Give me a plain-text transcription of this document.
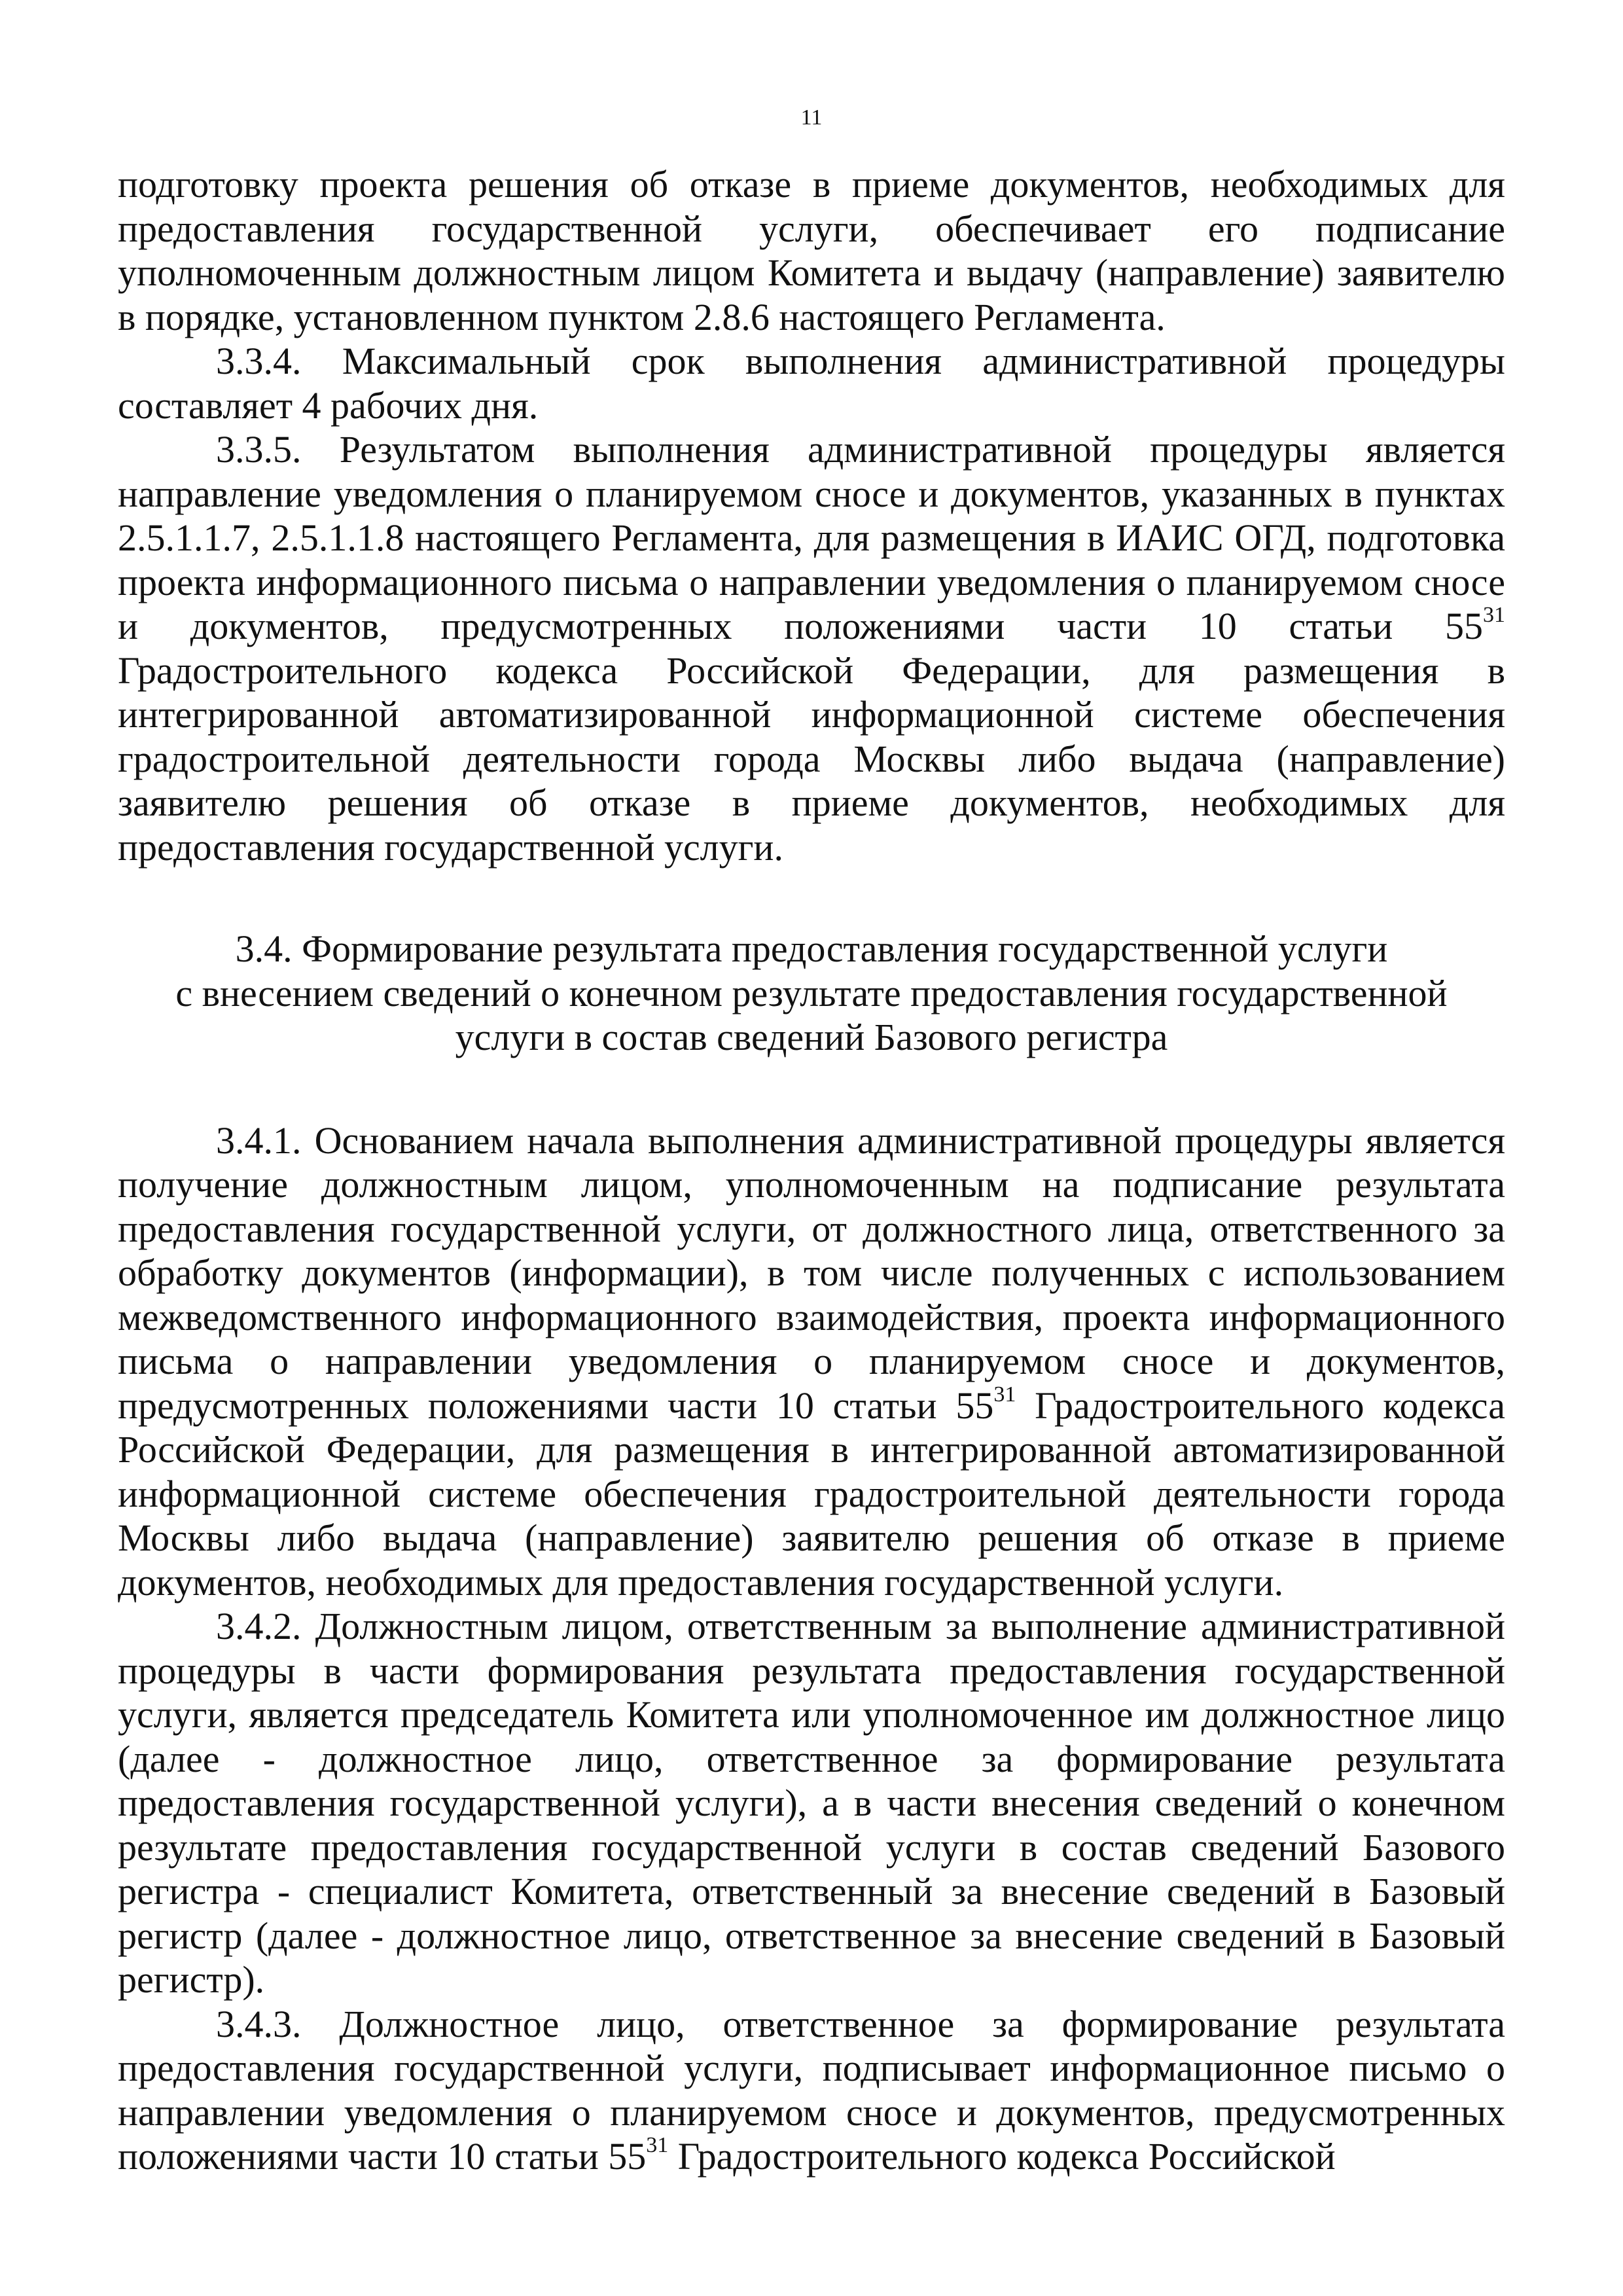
11

подготовку проекта решения об отказе в приеме документов, необходимых для предоставления государственной услуги, обеспечивает его подписание уполномоченным должностным лицом Комитета и выдачу (направление) заявителю в порядке, установленном пунктом 2.8.6 настоящего Регламента.

3.3.4. Максимальный срок выполнения административной процедуры составляет 4 рабочих дня.

3.3.5. Результатом выполнения административной процедуры является направление уведомления о планируемом сносе и документов, указанных в пунктах 2.5.1.1.7, 2.5.1.1.8 настоящего Регламента, для размещения в ИАИС ОГД, подготовка проекта информационного письма о направлении уведомления о планируемом сносе и документов, предусмотренных положениями части 10 статьи $55^{31}$ Градостроительного кодекса Российской Федерации, для размещения в интегрированной автоматизированной информационной системе обеспечения градостроительной деятельности города Москвы либо выдача (направление) заявителю решения об отказе в приеме документов, необходимых для предоставления государственной услуги.

3.4. Формирование результата предоставления государственной услуги
с внесением сведений о конечном результате предоставления государственной
услуги в состав сведений Базового регистра

3.4.1. Основанием начала выполнения административной процедуры является получение должностным лицом, уполномоченным на подписание результата предоставления государственной услуги, от должностного лица, ответственного за обработку документов (информации), в том числе полученных с использованием межведомственного информационного взаимодействия, проекта информационного письма о направлении уведомления о планируемом сносе и документов, предусмотренных положениями части 10 статьи $55^{31}$ Градостроительного кодекса Российской Федерации, для размещения в интегрированной автоматизированной информационной системе обеспечения градостроительной деятельности города Москвы либо выдача (направление) заявителю решения об отказе в приеме документов, необходимых для предоставления государственной услуги.

3.4.2. Должностным лицом, ответственным за выполнение административной процедуры в части формирования результата предоставления государственной услуги, является председатель Комитета или уполномоченное им должностное лицо (далее - должностное лицо, ответственное за формирование результата предоставления государственной услуги), а в части внесения сведений о конечном результате предоставления государственной услуги в состав сведений Базового регистра - специалист Комитета, ответственный за внесение сведений в Базовый регистр (далее - должностное лицо, ответственное за внесение сведений в Базовый регистр).

3.4.3. Должностное лицо, ответственное за формирование результата предоставления государственной услуги, подписывает информационное письмо о направлении уведомления о планируемом сносе и документов, предусмотренных положениями части 10 статьи $55^{31}$ Градостроительного кодекса Российской
